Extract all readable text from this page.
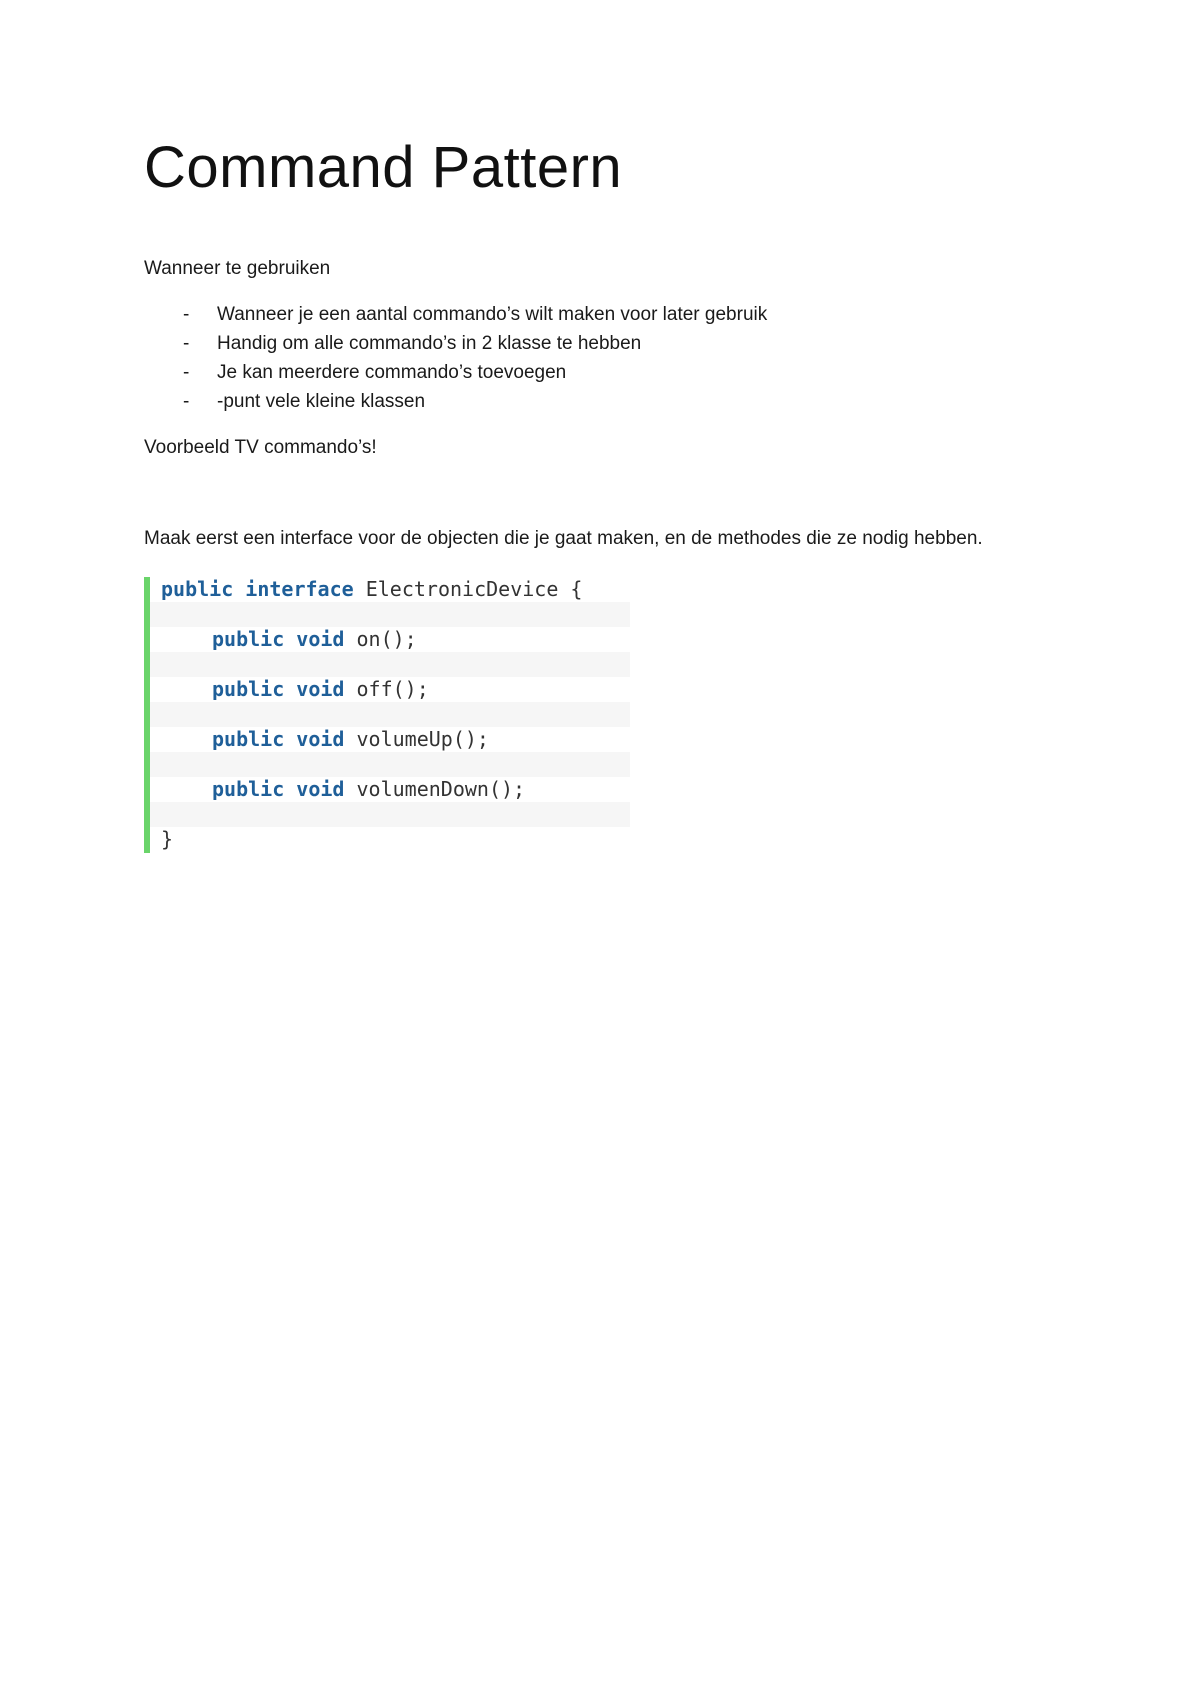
Command Pattern

Wanneer te gebruiken

- Wanneer je een aantal commando’s wilt maken voor later gebruik
- Handig om alle commando’s in 2 klasse te hebben
- Je kan meerdere commando’s toevoegen
- -punt vele kleine klassen

Voorbeeld TV commando’s!

Maak eerst een interface voor de objecten die je gaat maken, en de methodes die ze nodig hebben.

public interface ElectronicDevice {
public void on();
public void off();
public void volumeUp();
public void volumenDown();
}
